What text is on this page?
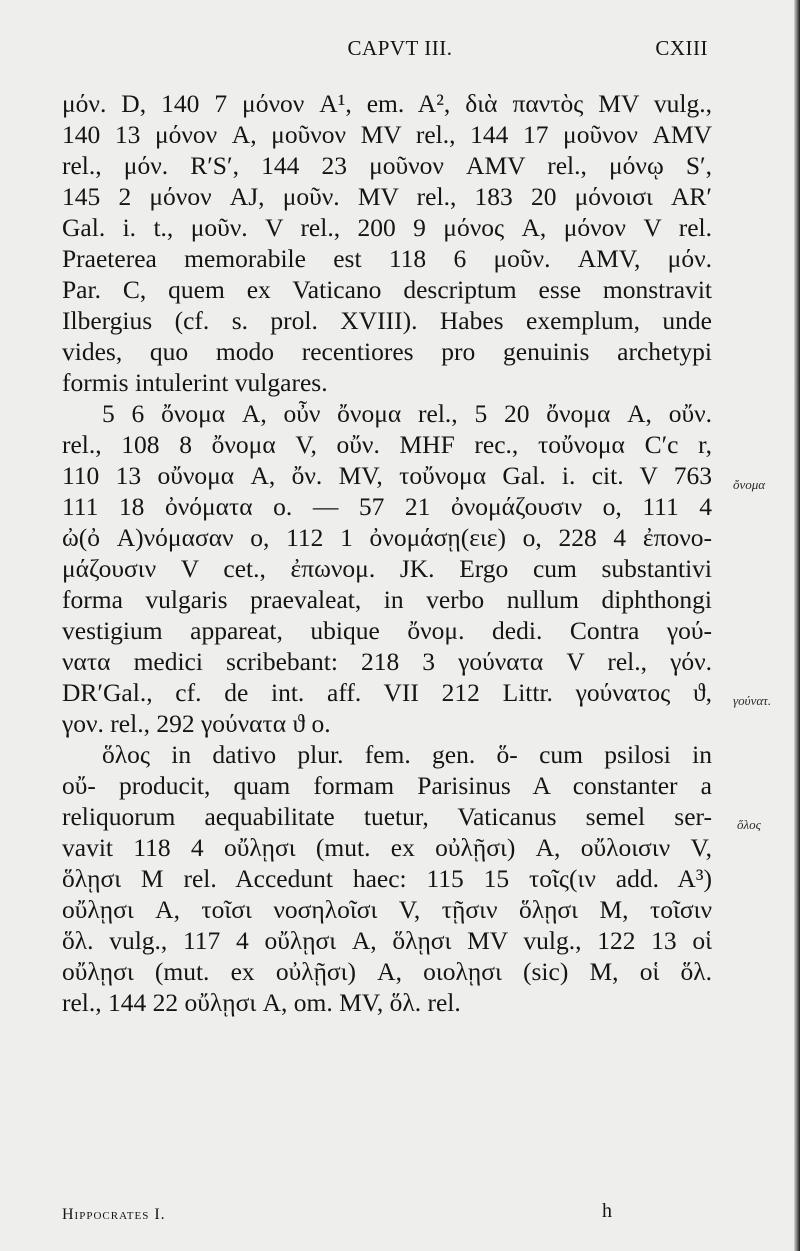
CAPVT III.	CXIII
μόν. D, 140 7 μόνον A¹, em. A², διὰ παντὸς MV vulg.,
140 13 μόνον A, μοῦνον MV rel., 144 17 μοῦνον AMV
rel., μόν. R′S′, 144 23 μοῦνον AMV rel., μόνῳ S′,
145 2 μόνον AJ, μοῦν. MV rel., 183 20 μόνοισι AR′
Gal. i. t., μοῦν. V rel., 200 9 μόνος A, μόνον V rel.
Praeterea memorabile est 118 6 μοῦν. AMV, μόν.
Par. C, quem ex Vaticano descriptum esse monstravit
Ilbergius (cf. s. prol. XVIII). Habes exemplum, unde
vides, quo modo recentiores pro genuinis archetypi
formis intulerint vulgares.
5 6 ὄνομα A, οὖν ὄνομα rel., 5 20 ὄνομα A, οὔν.
rel., 108 8 ὄνομα V, οὔν. MHF rec., τοὔνομα C′c r,
110 13 οὔνομα A, ὄν. MV, τοὔνομα Gal. i. cit. V 763
111 18 ὀνόματα o. — 57 21 ὀνομάζουσιν o, 111 4
ὠ(ὀ A)νόμασαν o, 112 1 ὀνομάσῃ(ειε) o, 228 4 ἐπονο-
μάζουσιν V cet., ἐπωνομ. JK. Ergo cum substantivi
forma vulgaris praevaleat, in verbo nullum diphthongi
vestigium appareat, ubique ὄνομ. dedi. Contra γού-
νατα medici scribebant: 218 3 γούνατα V rel., γόν.
DR′Gal., cf. de int. aff. VII 212 Littr. γούνατος ϑ,
γον. rel., 292 γούνατα ϑ o.
ὅλος in dativo plur. fem. gen. ὅ- cum psilosi in
οὔ- producit, quam formam Parisinus A constanter a
reliquorum aequabilitate tuetur, Vaticanus semel ser-
vavit 118 4 οὔλῃσι (mut. ex οὐλῇσι) A, οὔλοισιν V,
ὅλῃσι M rel. Accedunt haec: 115 15 τοῖς(ιν add. A³)
οὔλῃσι A, τοῖσι νοσηλοῖσι V, τῇσιν ὅλῃσι M, τοῖσιν
ὅλ. vulg., 117 4 οὔλῃσι A, ὅλῃσι MV vulg., 122 13 οἱ
οὔλῃσι (mut. ex οὐλῇσι) A, οιολῃσι (sic) M, οἱ ὅλ.
rel., 144 22 οὔλῃσι A, om. MV, ὅλ. rel.
ὄνομα
γούνατ.
ὅλος
Hippocrates I.	h
